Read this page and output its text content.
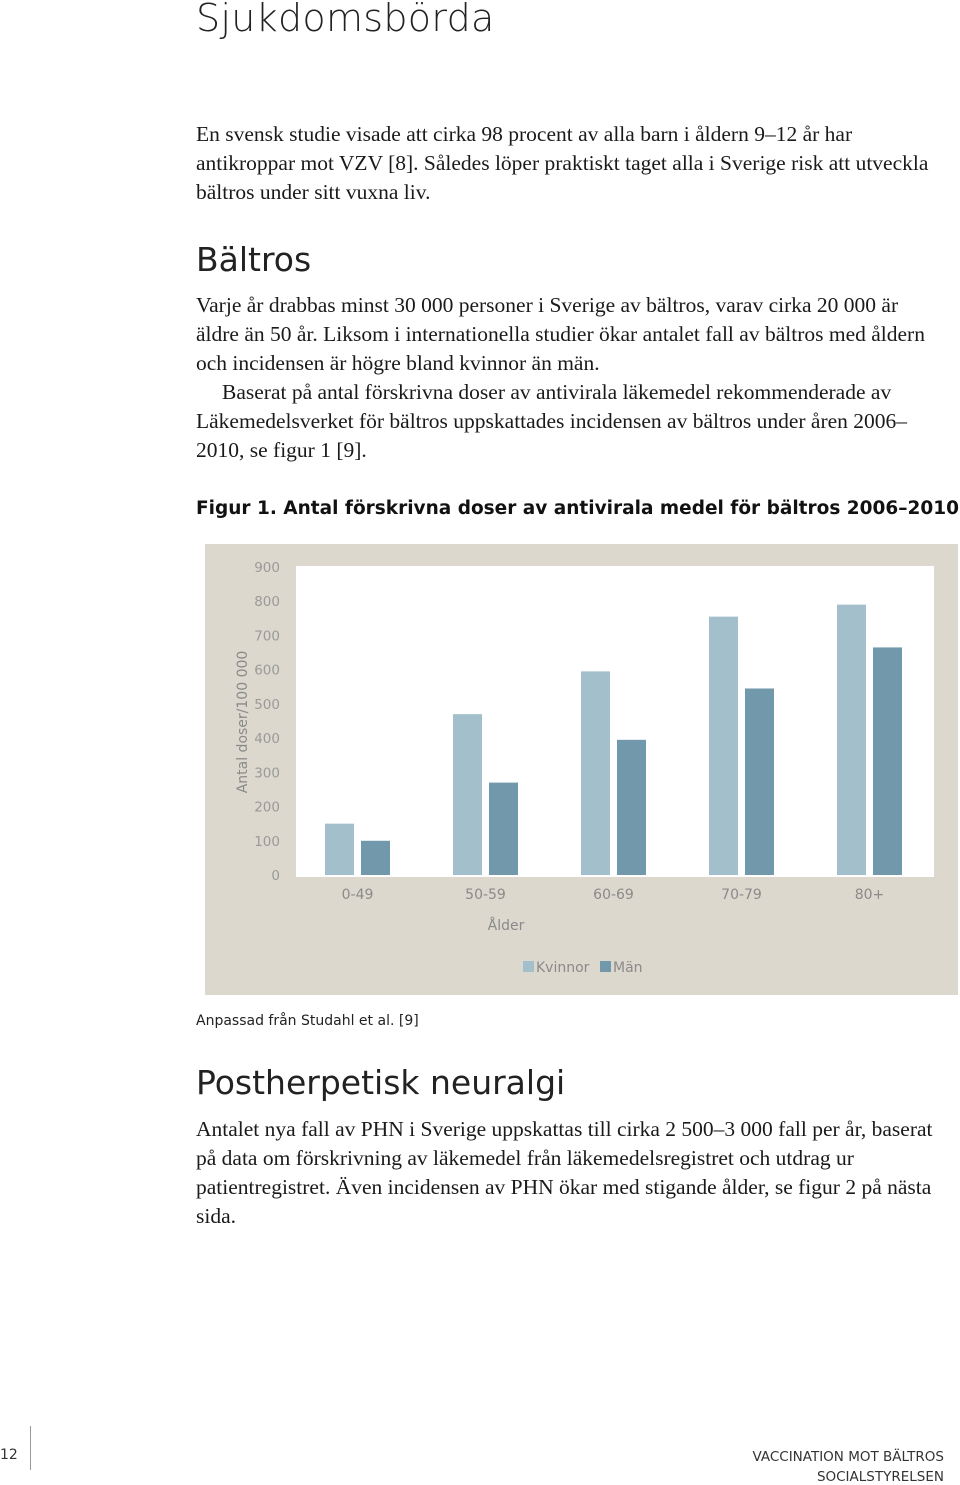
Sjukdomsbörda

En svensk studie visade att cirka 98 procent av alla barn i åldern 9–12 år har antikroppar mot VZV [8]. Således löper praktiskt taget alla i Sverige risk att utveckla bältros under sitt vuxna liv.

Bältros

Varje år drabbas minst 30 000 personer i Sverige av bältros, varav cirka 20 000 är äldre än 50 år. Liksom i internationella studier ökar antalet fall av bältros med åldern och incidensen är högre bland kvinnor än män.

Baserat på antal förskrivna doser av antivirala läkemedel rekommenderade av Läkemedelsverket för bältros uppskattades incidensen av bältros under åren 2006–2010, se figur 1 [9].

Figur 1. Antal förskrivna doser av antivirala medel för bältros 2006–2010

0
100
200
300
400
500
600
700
800
900
0-49	50-59	60-69	70-79	80+
Antal doser/100 000
Ålder
Kvinnor Män

Anpassad från Studahl et al. [9]

Postherpetisk neuralgi

Antalet nya fall av PHN i Sverige uppskattas till cirka 2 500–3 000 fall per år, baserat på data om förskrivning av läkemedel från läkemedelsregistret och utdrag ur patientregistret. Även incidensen av PHN ökar med stigande ålder, se figur 2 på nästa sida.

12	VACCINATION MOT BÄLTROS
SOCIALSTYRELSEN
